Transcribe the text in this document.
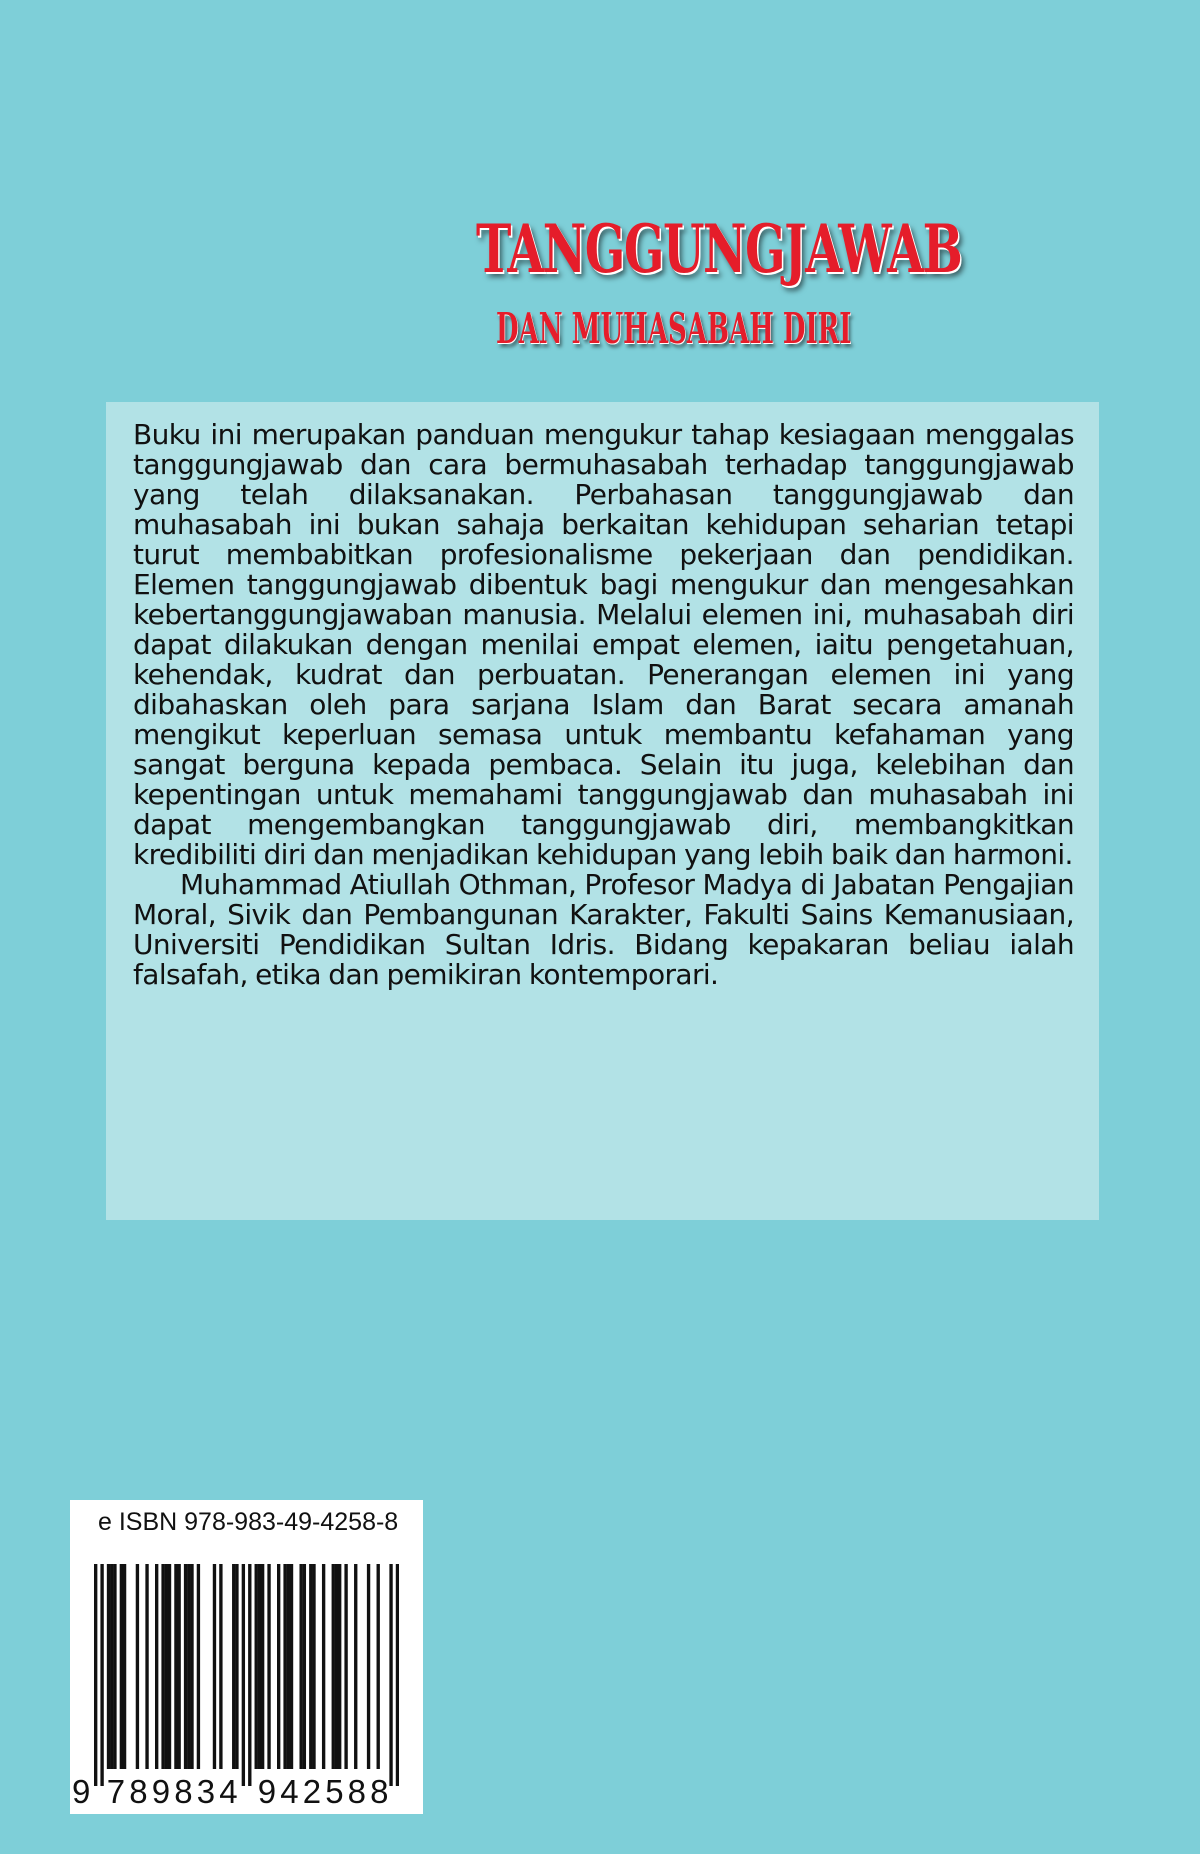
TANGGUNGJAWAB
DAN MUHASABAH DIRI

Buku ini merupakan panduan mengukur tahap kesiagaan menggalas tanggungjawab dan cara bermuhasabah terhadap tanggungjawab yang telah dilaksanakan. Perbahasan tanggungjawab dan muhasabah ini bukan sahaja berkaitan kehidupan seharian tetapi turut membabitkan profesionalisme pekerjaan dan pendidikan. Elemen tanggungjawab dibentuk bagi mengukur dan mengesahkan kebertanggungjawaban manusia. Melalui elemen ini, muhasabah diri dapat dilakukan dengan menilai empat elemen, iaitu pengetahuan, kehendak, kudrat dan perbuatan. Penerangan elemen ini yang dibahaskan oleh para sarjana Islam dan Barat secara amanah mengikut keperluan semasa untuk membantu kefahaman yang sangat berguna kepada pembaca. Selain itu juga, kelebihan dan kepentingan untuk memahami tanggungjawab dan muhasabah ini dapat mengembangkan tanggungjawab diri, membangkitkan kredibiliti diri dan menjadikan kehidupan yang lebih baik dan harmoni.

Muhammad Atiullah Othman, Profesor Madya di Jabatan Pengajian Moral, Sivik dan Pembangunan Karakter, Fakulti Sains Kemanusiaan, Universiti Pendidikan Sultan Idris. Bidang kepakaran beliau ialah falsafah, etika dan pemikiran kontemporari.

e ISBN 978-983-49-4258-8
9 7 8 9 8 3 4 9 4 2 5 8 8
